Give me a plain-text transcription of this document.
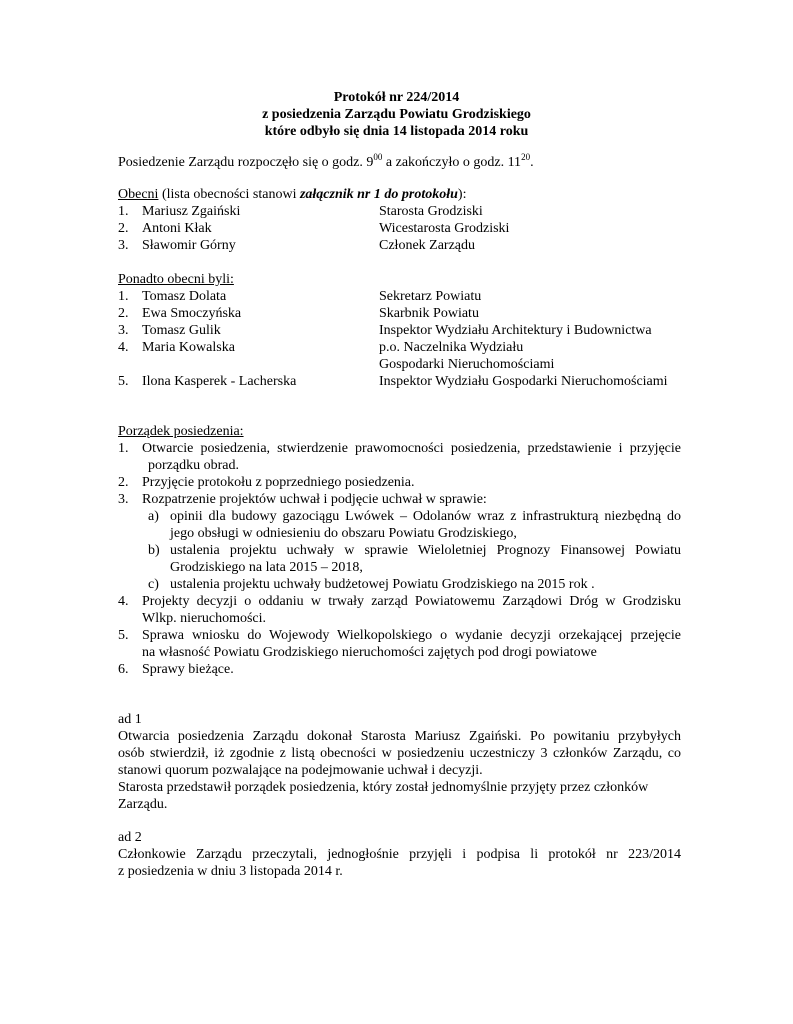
Protokół nr 224/2014
z posiedzenia Zarządu Powiatu Grodziskiego
które odbyło się dnia 14 listopada 2014 roku
Posiedzenie Zarządu rozpoczęło się o godz. $9^{00}$ a zakończyło o godz. $11^{20}$.
Obecni (lista obecności stanowi załącznik nr 1 do protokołu):
1. Mariusz Zgaiński	Starosta Grodziski
2. Antoni Kłak	Wicestarosta Grodziski
3. Sławomir Górny	Członek Zarządu
Ponadto obecni byli:
1. Tomasz Dolata	Sekretarz Powiatu
2. Ewa Smoczyńska	Skarbnik Powiatu
3. Tomasz Gulik	Inspektor Wydziału Architektury i Budownictwa
4. Maria Kowalska	p.o. Naczelnika Wydziału
Gospodarki Nieruchomościami
5. Ilona Kasperek - Lacherska	Inspektor Wydziału Gospodarki Nieruchomościami
Porządek posiedzenia:
1. Otwarcie posiedzenia, stwierdzenie prawomocności posiedzenia, przedstawienie i przyjęcie
porządku obrad.
2. Przyjęcie protokołu z poprzedniego posiedzenia.
3. Rozpatrzenie projektów uchwał i podjęcie uchwał w sprawie:
a) opinii dla budowy gazociągu Lwówek – Odolanów wraz z infrastrukturą niezbędną do
jego obsługi w odniesieniu do obszaru Powiatu Grodziskiego,
b) ustalenia projektu uchwały w sprawie Wieloletniej Prognozy Finansowej Powiatu
Grodziskiego na lata 2015 – 2018,
c) ustalenia projektu uchwały budżetowej Powiatu Grodziskiego na 2015 rok .
4. Projekty decyzji o oddaniu w trwały zarząd Powiatowemu Zarządowi Dróg w Grodzisku
Wlkp. nieruchomości.
5. Sprawa wniosku do Wojewody Wielkopolskiego o wydanie decyzji orzekającej przejęcie
na własność Powiatu Grodziskiego nieruchomości zajętych pod drogi powiatowe
6. Sprawy bieżące.
ad 1
Otwarcia posiedzenia Zarządu dokonał Starosta Mariusz Zgaiński. Po powitaniu przybyłych
osób stwierdził, iż zgodnie z listą obecności w posiedzeniu uczestniczy 3 członków Zarządu, co
stanowi quorum pozwalające na podejmowanie uchwał i decyzji.
Starosta przedstawił porządek posiedzenia, który został jednomyślnie przyjęty przez członków
Zarządu.
ad 2
Członkowie Zarządu przeczytali, jednogłośnie przyjęli i podpisa li protokół nr 223/2014
z posiedzenia w dniu 3 listopada 2014 r.
